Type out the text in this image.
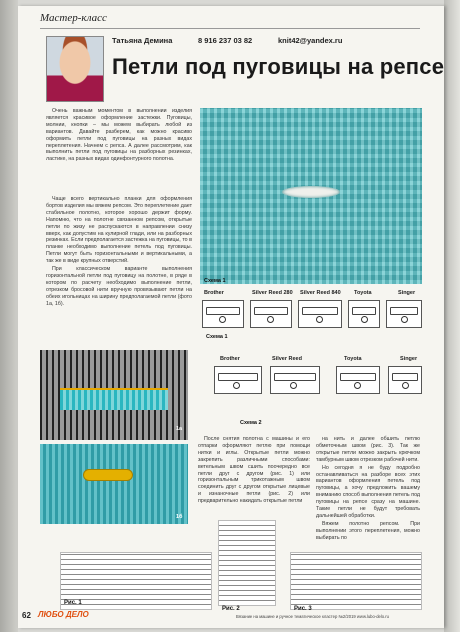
Мастер-класс
Татьяна Демина	8 916 237 03 82	knit42@yandex.ru
Петли под пуговицы на репсе

Очень важным моментом в выполнении изделия является красивое оформление застежки. Пуговицы, молнии, кнопки – мы можем выбирать любой из вариантов. Давайте разберем, как можно красиво оформить петли под пуговицы на разных видах переплетения. Начнем с репса. А далее рассмотрим, как выполнить петли под пуговицы на разборных резинках, ластике, на разных видах одинфонтурного полотна.

Чаще всего вертикально планки для оформления бортов изделия мы вяжем репсом. Это переплетение дает стабильное полотно, которое хорошо держит форму. Напомню, что на полотне связанном репсом, открытые петли по жизу не распускаются в направлении снизу вверх, как допустим на кулирной глади, или на разборных резинках. Если предполагается застежка на пуговицы, то в планке необходимо выполнение петель под пуговицы. Петли могут быть горизонтальными и вертикальными, а так же в виде крупных отверстий.

При классическом варианте выполнения горизонтальной петли под пуговицу на полотне, в ряде в котором по расчету необходимо выполнение петли, отрезком бросовой нити вручную провязывают петли на обеих игольницах на ширину предполагаемой петли (фото 1а, 1б).

Схема 1
Brother	Silver Reed 280 Silver Reed 840 Toyota	Singer
Схема 1
Brother	Silver Reed	Toyota	Singer
Схема 2
1а
1б

После снятия полотна с машины и его отпарки оформляют петлю при помощи нитки и иглы. Открытые петли можно закрепить различными способами: ветельным швом сшить поочередно все петли друг с другом (рис. 1) или горизонтальным трикотажным швом соединить друг с другом открытые лицевые и изнаночные петли (рис. 2) или предварительно накидать открытые петли

на нить и далее обшить петлю обметочным швом (рис. 3). Так же открытые петли можно закрыть крючком тамбурным швом отрезком рабочей нити.

Но сегодня я не буду подробно останавливаться на разборе всех этих вариантов оформления петель под пуговицы, а хочу предложить вашему вниманию способ выполнения петель под пуговицы на репсе сразу на машине. Такие петли не будут требовать дальнейшей обработки.

Вяжем полотно репсом. При выполнении этого переплетения, можно выбирать по

Рис. 1
Рис. 2	Рис. 3
62 ЛЮБО ДЕЛО	Вязание на машине и ручное тематическое кластер №2/2019 www.lubo-delo.ru
